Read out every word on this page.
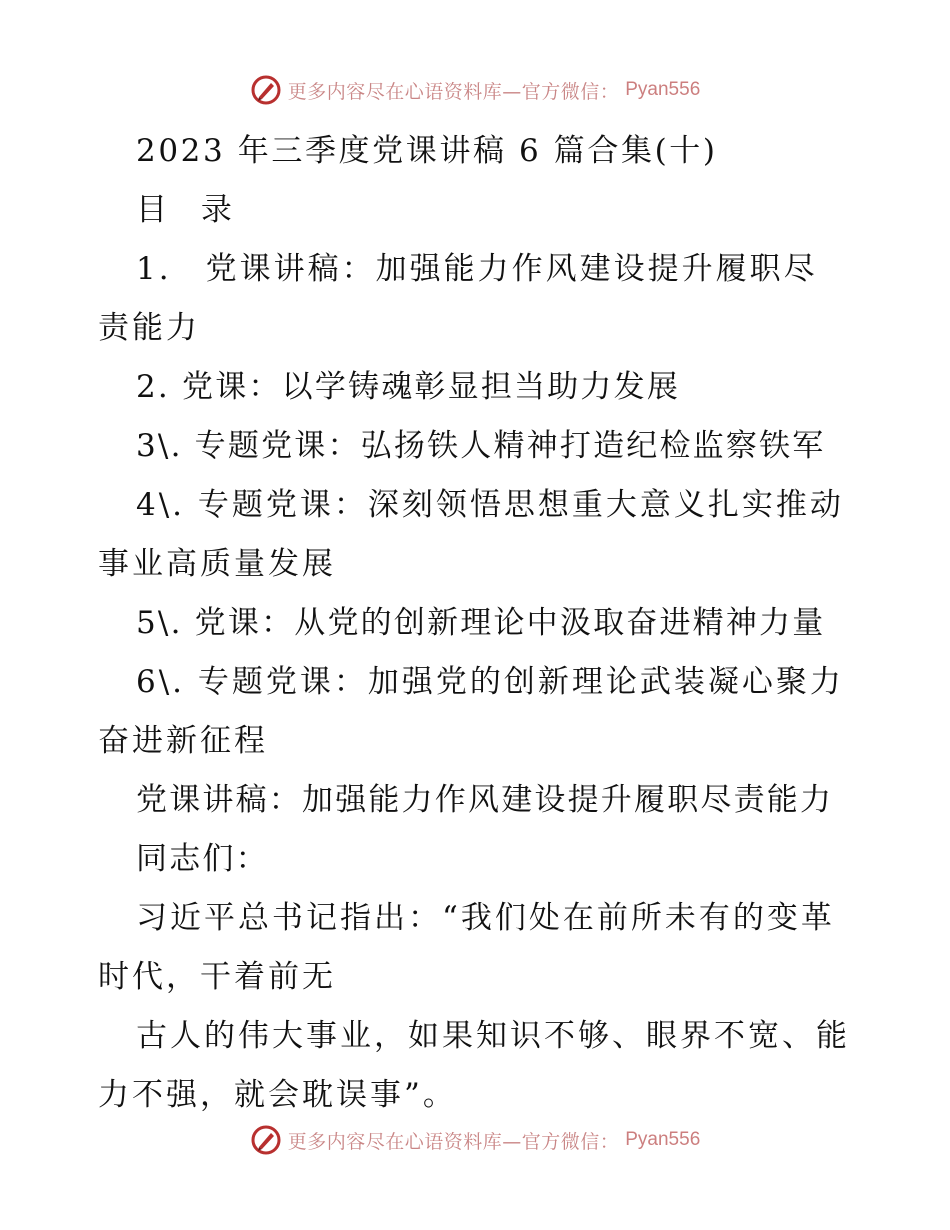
更多内容尽在心语资料库—官方微信： Pyan556
2023 年三季度党课讲稿 6 篇合集(十)
目 录
1.　党课讲稿：加强能力作风建设提升履职尽责能力
2. 党课：以学铸魂彰显担当助力发展
3\. 专题党课：弘扬铁人精神打造纪检监察铁军
4\. 专题党课：深刻领悟思想重大意义扎实推动事业高质量发展
5\. 党课：从党的创新理论中汲取奋进精神力量
6\. 专题党课：加强党的创新理论武装凝心聚力奋进新征程
党课讲稿：加强能力作风建设提升履职尽责能力
同志们：
习近平总书记指出：“我们处在前所未有的变革时代，干着前无
古人的伟大事业，如果知识不够、眼界不宽、能力不强，就会耽误事”。
更多内容尽在心语资料库—官方微信： Pyan556
